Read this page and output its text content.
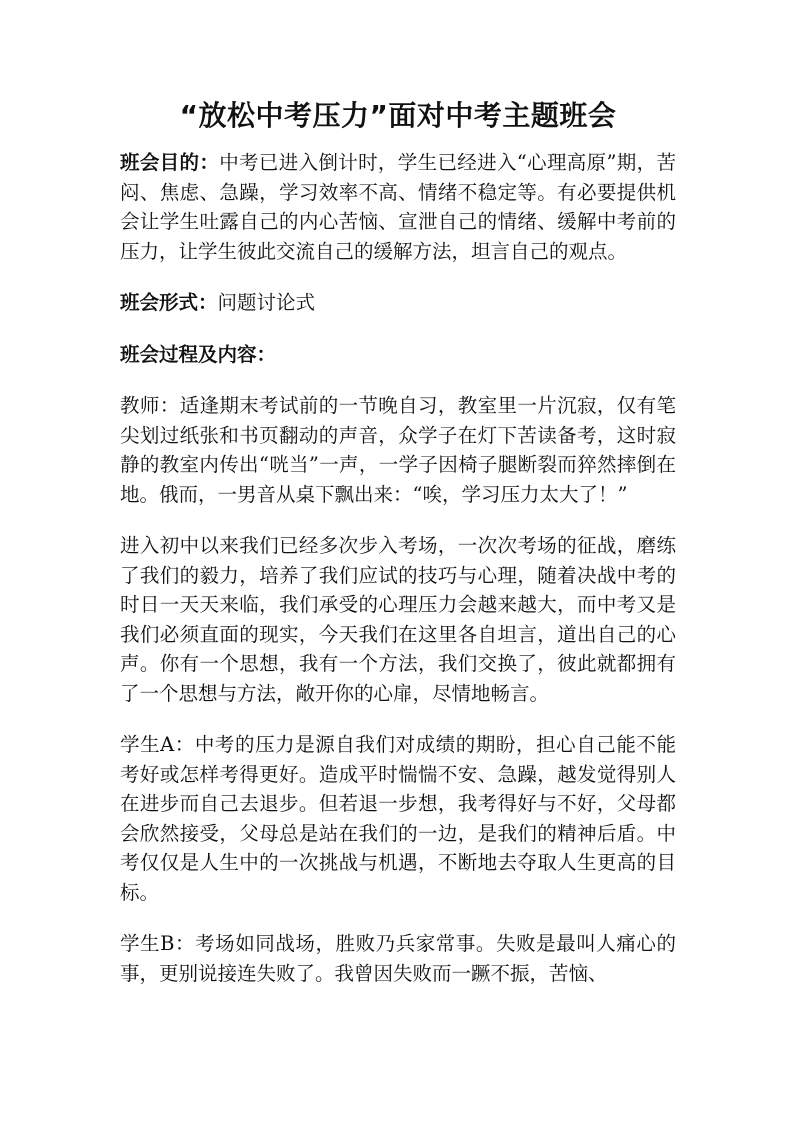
“放松中考压力”面对中考主题班会

班会目的：中考已进入倒计时，学生已经进入“心理高原”期，苦闷、焦虑、急躁，学习效率不高、情绪不稳定等。有必要提供机会让学生吐露自己的内心苦恼、宣泄自己的情绪、缓解中考前的压力，让学生彼此交流自己的缓解方法，坦言自己的观点。

班会形式：问题讨论式

班会过程及内容：

教师：适逢期末考试前的一节晚自习，教室里一片沉寂，仅有笔尖划过纸张和书页翻动的声音，众学子在灯下苦读备考，这时寂静的教室内传出“咣当”一声，一学子因椅子腿断裂而猝然摔倒在地。俄而，一男音从桌下飘出来：“唉，学习压力太大了！”

进入初中以来我们已经多次步入考场，一次次考场的征战，磨练了我们的毅力，培养了我们应试的技巧与心理，随着决战中考的时日一天天来临，我们承受的心理压力会越来越大，而中考又是我们必须直面的现实，今天我们在这里各自坦言，道出自己的心声。你有一个思想，我有一个方法，我们交换了，彼此就都拥有了一个思想与方法，敞开你的心扉，尽情地畅言。

学生A：中考的压力是源自我们对成绩的期盼，担心自己能不能考好或怎样考得更好。造成平时惴惴不安、急躁，越发觉得别人在进步而自己去退步。但若退一步想，我考得好与不好，父母都会欣然接受，父母总是站在我们的一边，是我们的精神后盾。中考仅仅是人生中的一次挑战与机遇，不断地去夺取人生更高的目标。

学生B：考场如同战场，胜败乃兵家常事。失败是最叫人痛心的事，更别说接连失败了。我曾因失败而一蹶不振，苦恼、
